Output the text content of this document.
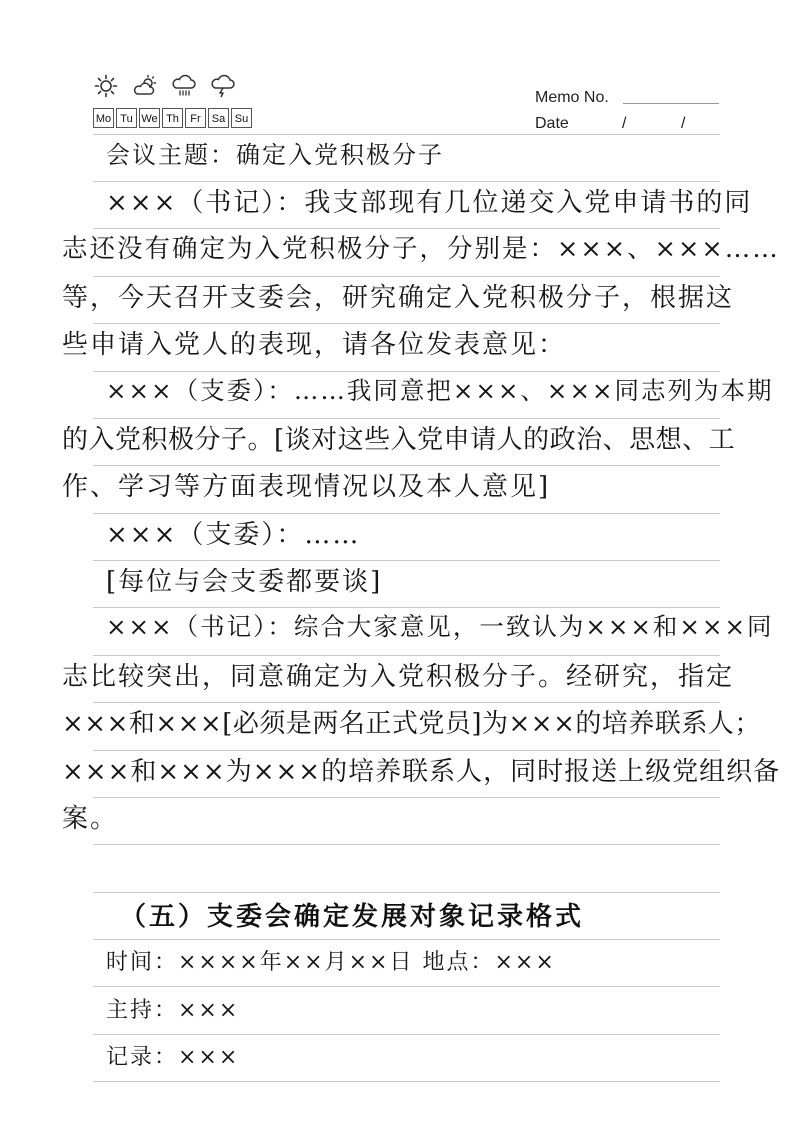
Mo Tu We Th	Fr	Sa Su
Memo No.
Date	/	/
会议主题：确定入党积极分子
×××（书记）：我支部现有几位递交入党申请书的同
志还没有确定为入党积极分子，分别是：×××、×××……
等，今天召开支委会，研究确定入党积极分子，根据这
些申请入党人的表现，请各位发表意见：
×××（支委）：……我同意把×××、×××同志列为本期
的入党积极分子。[谈对这些入党申请人的政治、思想、工
作、学习等方面表现情况以及本人意见]
×××（支委）：……
[每位与会支委都要谈]
×××（书记）：综合大家意见，一致认为×××和×××同
志比较突出，同意确定为入党积极分子。经研究，指定
×××和×××[必须是两名正式党员]为×××的培养联系人；
×××和×××为×××的培养联系人，同时报送上级党组织备
案。
（五）支委会确定发展对象记录格式
时间：××××年××月××日 地点：×××
主持：×××
记录：×××
